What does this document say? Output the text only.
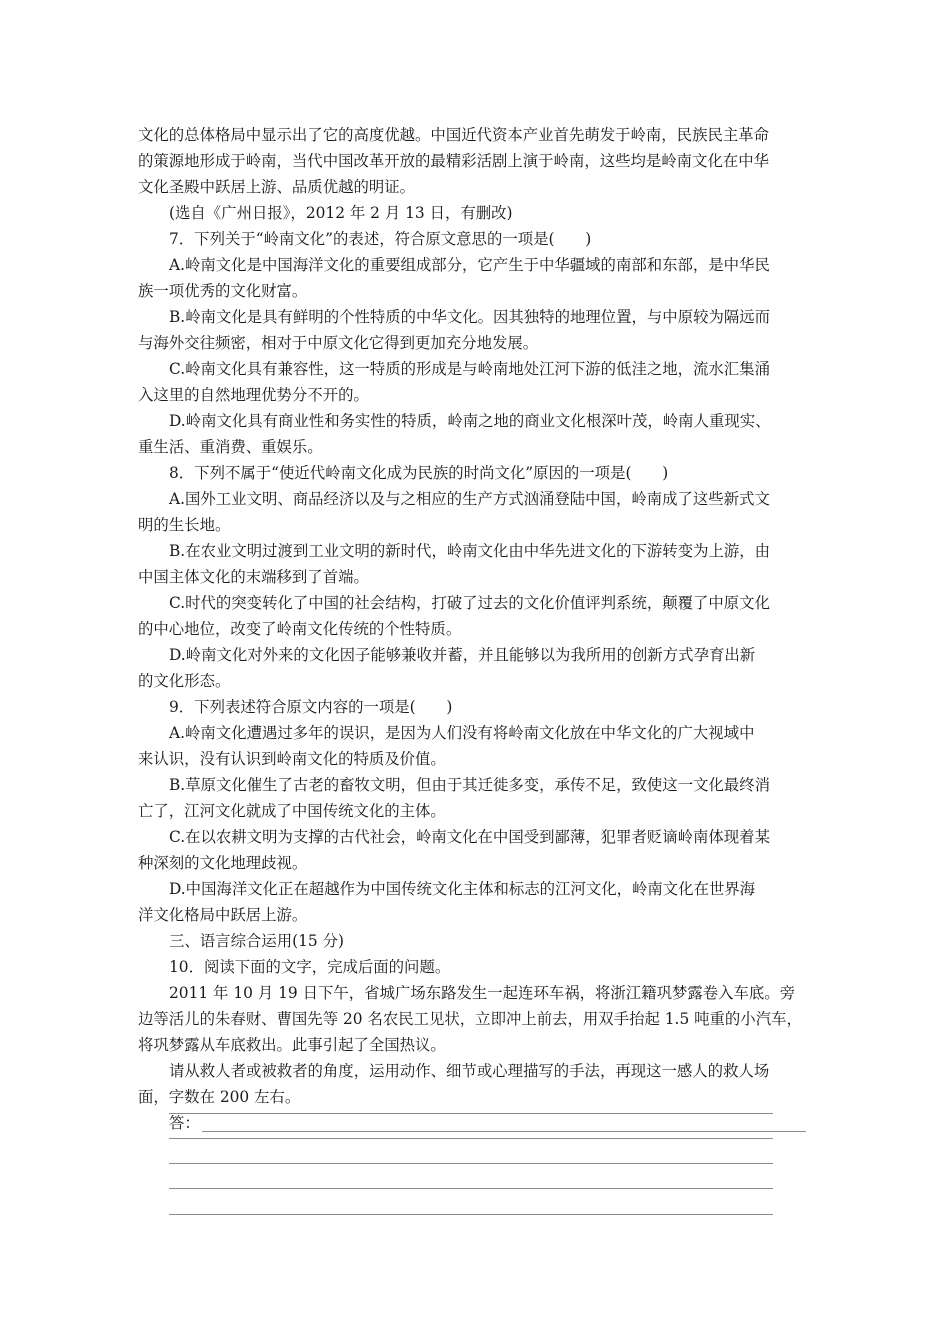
文化的总体格局中显示出了它的高度优越。中国近代资本产业首先萌发于岭南，民族民主革命
的策源地形成于岭南，当代中国改革开放的最精彩活剧上演于岭南，这些均是岭南文化在中华
文化圣殿中跃居上游、品质优越的明证。
(选自《广州日报》，2012 年 2 月 13 日，有删改)
7．下列关于“岭南文化”的表述，符合原文意思的一项是(　　)
A.岭南文化是中国海洋文化的重要组成部分，它产生于中华疆域的南部和东部，是中华民
族一项优秀的文化财富。
B.岭南文化是具有鲜明的个性特质的中华文化。因其独特的地理位置，与中原较为隔远而
与海外交往频密，相对于中原文化它得到更加充分地发展。
C.岭南文化具有兼容性，这一特质的形成是与岭南地处江河下游的低洼之地，流水汇集涌
入这里的自然地理优势分不开的。
D.岭南文化具有商业性和务实性的特质，岭南之地的商业文化根深叶茂，岭南人重现实、
重生活、重消费、重娱乐。
8．下列不属于“使近代岭南文化成为民族的时尚文化”原因的一项是(　　)
A.国外工业文明、商品经济以及与之相应的生产方式汹涌登陆中国，岭南成了这些新式文
明的生长地。
B.在农业文明过渡到工业文明的新时代，岭南文化由中华先进文化的下游转变为上游，由
中国主体文化的末端移到了首端。
C.时代的突变转化了中国的社会结构，打破了过去的文化价值评判系统，颠覆了中原文化
的中心地位，改变了岭南文化传统的个性特质。
D.岭南文化对外来的文化因子能够兼收并蓄，并且能够以为我所用的创新方式孕育出新
的文化形态。
9．下列表述符合原文内容的一项是(　　)
A.岭南文化遭遇过多年的误识，是因为人们没有将岭南文化放在中华文化的广大视域中
来认识，没有认识到岭南文化的特质及价值。
B.草原文化催生了古老的畜牧文明，但由于其迁徙多变，承传不足，致使这一文化最终消
亡了，江河文化就成了中国传统文化的主体。
C.在以农耕文明为支撑的古代社会，岭南文化在中国受到鄙薄，犯罪者贬谪岭南体现着某
种深刻的文化地理歧视。
D.中国海洋文化正在超越作为中国传统文化主体和标志的江河文化，岭南文化在世界海
洋文化格局中跃居上游。
三、语言综合运用(15 分)
10．阅读下面的文字，完成后面的问题。
2011 年 10 月 19 日下午，省城广场东路发生一起连环车祸，将浙江籍巩梦露卷入车底。旁
边等活儿的朱春财、曹国先等 20 名农民工见状，立即冲上前去，用双手抬起 1.5 吨重的小汽车，
将巩梦露从车底救出。此事引起了全国热议。
请从救人者或被救者的角度，运用动作、细节或心理描写的手法，再现这一感人的救人场
面，字数在 200 左右。
答：
